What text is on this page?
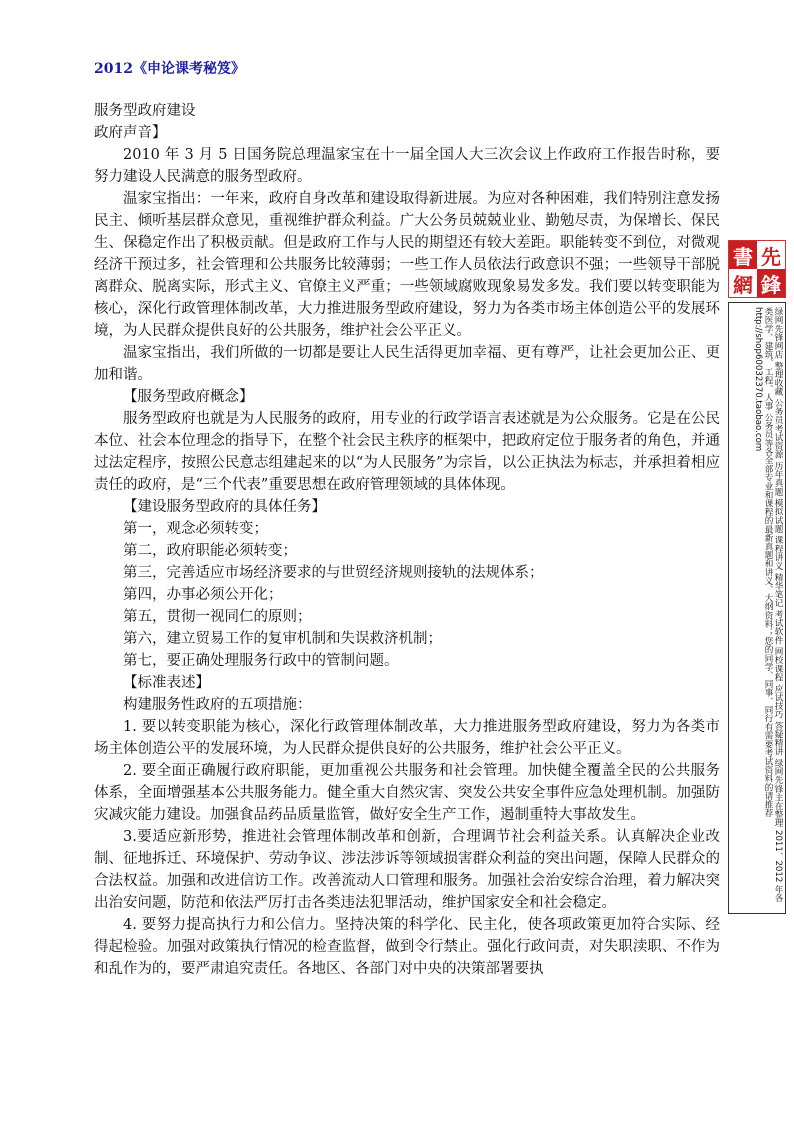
2012《申论课考秘笈》

服务型政府建设

政府声音】

2010 年 3 月 5 日国务院总理温家宝在十一届全国人大三次会议上作政府工作报告时称，要努力建设人民满意的服务型政府。

温家宝指出：一年来，政府自身改革和建设取得新进展。为应对各种困难，我们特别注意发扬民主、倾听基层群众意见，重视维护群众利益。广大公务员兢兢业业、勤勉尽责，为保增长、保民生、保稳定作出了积极贡献。但是政府工作与人民的期望还有较大差距。职能转变不到位，对微观经济干预过多，社会管理和公共服务比较薄弱；一些工作人员依法行政意识不强；一些领导干部脱离群众、脱离实际，形式主义、官僚主义严重；一些领域腐败现象易发多发。我们要以转变职能为核心，深化行政管理体制改革，大力推进服务型政府建设，努力为各类市场主体创造公平的发展环境，为人民群众提供良好的公共服务，维护社会公平正义。

温家宝指出，我们所做的一切都是要让人民生活得更加幸福、更有尊严，让社会更加公正、更加和谐。

【服务型政府概念】

服务型政府也就是为人民服务的政府，用专业的行政学语言表述就是为公众服务。它是在公民本位、社会本位理念的指导下，在整个社会民主秩序的框架中，把政府定位于服务者的角色，并通过法定程序，按照公民意志组建起来的以“为人民服务”为宗旨，以公正执法为标志，并承担着相应责任的政府，是“三个代表”重要思想在政府管理领域的具体体现。

【建设服务型政府的具体任务】

第一，观念必须转变；

第二，政府职能必须转变；

第三，完善适应市场经济要求的与世贸经济规则接轨的法规体系；

第四，办事必须公开化；

第五，贯彻一视同仁的原则；

第六，建立贸易工作的复审机制和失误救济机制；

第七，要正确处理服务行政中的管制问题。

【标准表述】

构建服务性政府的五项措施：

1. 要以转变职能为核心，深化行政管理体制改革，大力推进服务型政府建设，努力为各类市场主体创造公平的发展环境，为人民群众提供良好的公共服务，维护社会公平正义。

2. 要全面正确履行政府职能，更加重视公共服务和社会管理。加快健全覆盖全民的公共服务体系，全面增强基本公共服务能力。健全重大自然灾害、突发公共安全事件应急处理机制。加强防灾减灾能力建设。加强食品药品质量监管，做好安全生产工作，遏制重特大事故发生。

3.要适应新形势，推进社会管理体制改革和创新，合理调节社会利益关系。认真解决企业改制、征地拆迁、环境保护、劳动争议、涉法涉诉等领域损害群众利益的突出问题，保障人民群众的合法权益。加强和改进信访工作。改善流动人口管理和服务。加强社会治安综合治理，着力解决突出治安问题，防范和依法严厉打击各类违法犯罪活动，维护国家安全和社会稳定。

4. 要努力提高执行力和公信力。坚持决策的科学化、民主化，使各项政策更加符合实际、经得起检验。加强对政策执行情况的检查监督，做到令行禁止。强化行政问责，对失职渎职、不作为和乱作为的，要严肃追究责任。各地区、各部门对中央的决策部署要执

書 先
網 鋒
绿网先锋网店 整理收藏 公务员考试资源 历年真题 模拟试题 课程讲义 精华笔记 考试软件 网校课程 应试技巧 答疑精讲 绿网先锋主在整理 2011、2012 年各类医学、建筑、工程、人事 公务员等各全部专业和课程的最新真题和讲义、大纲资料；您的同学、同事、同行有需要考试资料的请推荐 http://shop60032370.taobao.com
